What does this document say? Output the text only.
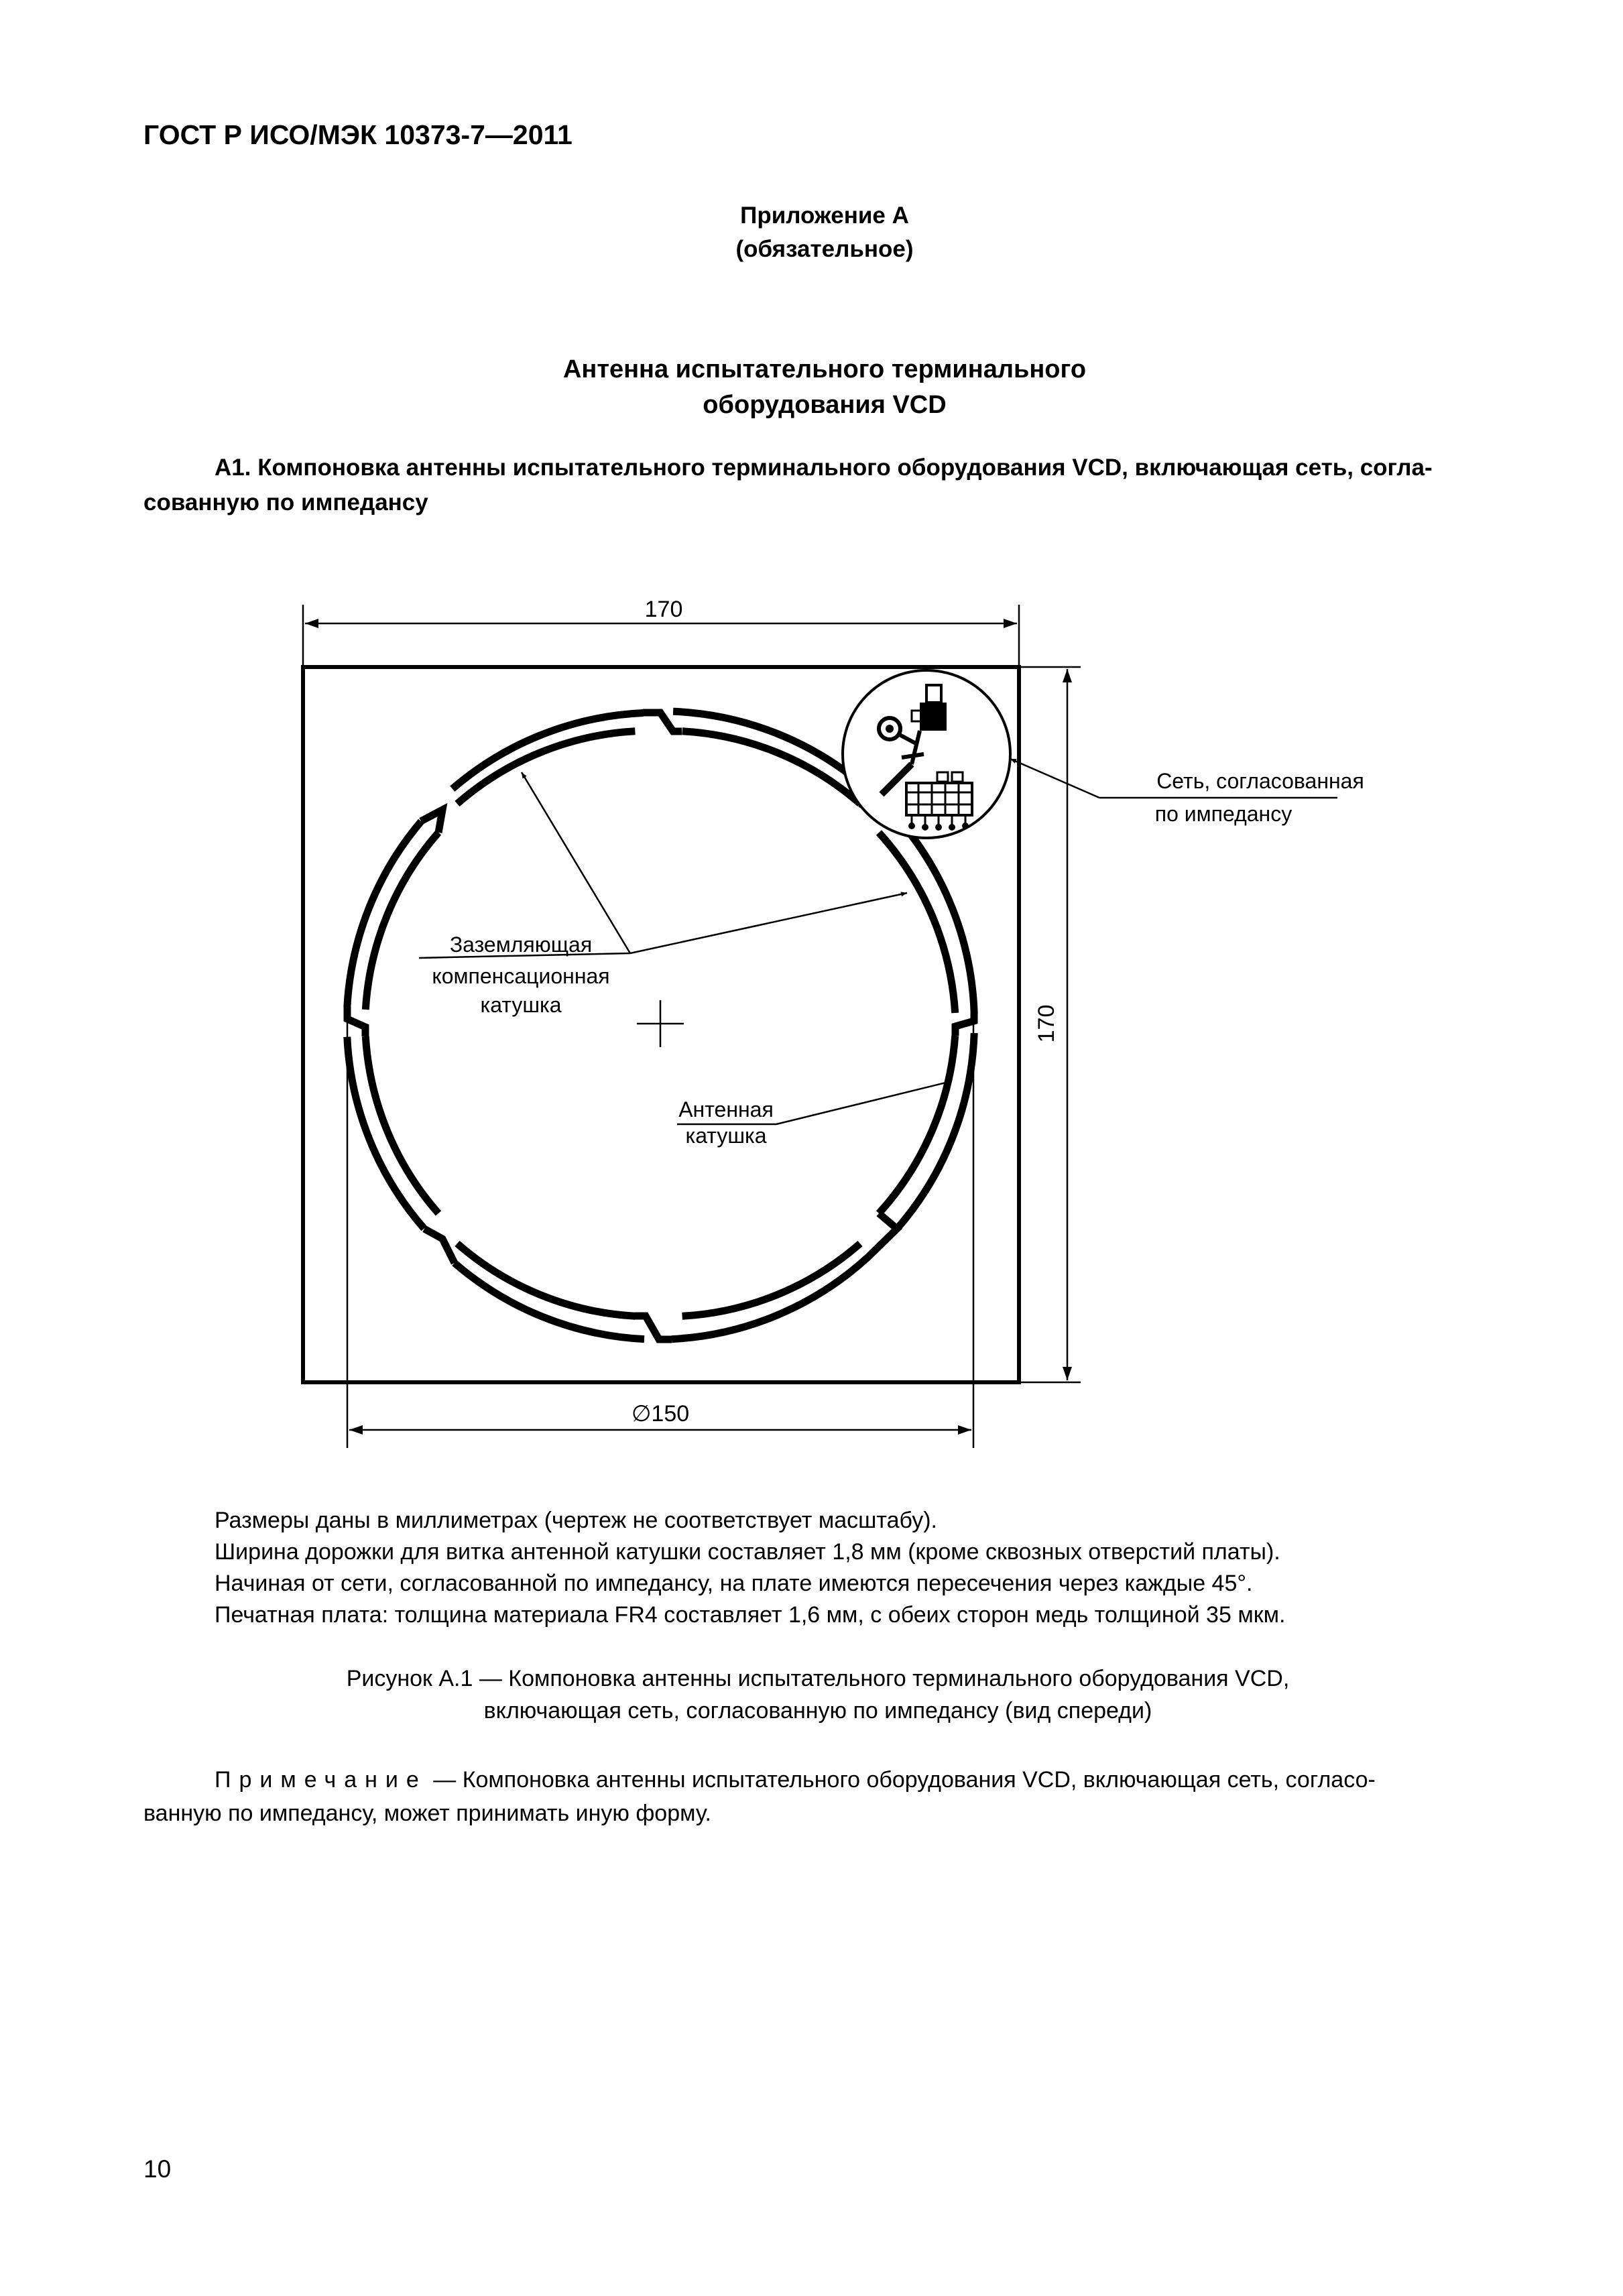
ГОСТ Р ИСО/МЭК 10373-7—2011
Приложение А
(обязательное)
Антенна испытательного терминального
оборудования VCD
А1. Компоновка антенны испытательного терминального оборудования VCD, включающая сеть, согла-
сованную по импедансу
170
170
∅150
Сеть, согласованная
по импедансу
Заземляющая
компенсационная
катушка
Антенная
катушка
Размеры даны в миллиметрах (чертеж не соответствует масштабу).
Ширина дорожки для витка антенной катушки составляет 1,8 мм (кроме сквозных отверстий платы).
Начиная от сети, согласованной по импедансу, на плате имеются пересечения через каждые 45°.
Печатная плата: толщина материала FR4 составляет 1,6 мм, с обеих сторон медь толщиной 35 мкм.
Рисунок А.1 — Компоновка антенны испытательного терминального оборудования VCD,
включающая сеть, согласованную по импедансу (вид спереди)
Примечание — Компоновка антенны испытательного оборудования VCD, включающая сеть, согласо-
ванную по импедансу, может принимать иную форму.
10
